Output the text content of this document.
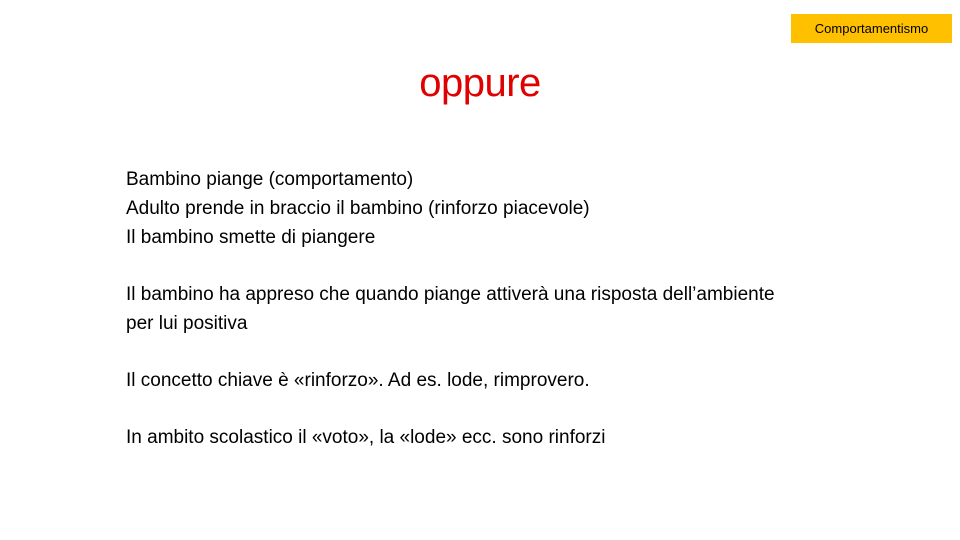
Comportamentismo
oppure

Bambino piange (comportamento)
Adulto prende in braccio il bambino (rinforzo piacevole)
Il bambino smette di piangere

Il bambino ha appreso che quando piange attiverà una risposta dell’ambiente
per lui positiva

Il concetto chiave è «rinforzo». Ad es. lode, rimprovero.

In ambito scolastico il «voto», la «lode» ecc. sono rinforzi
